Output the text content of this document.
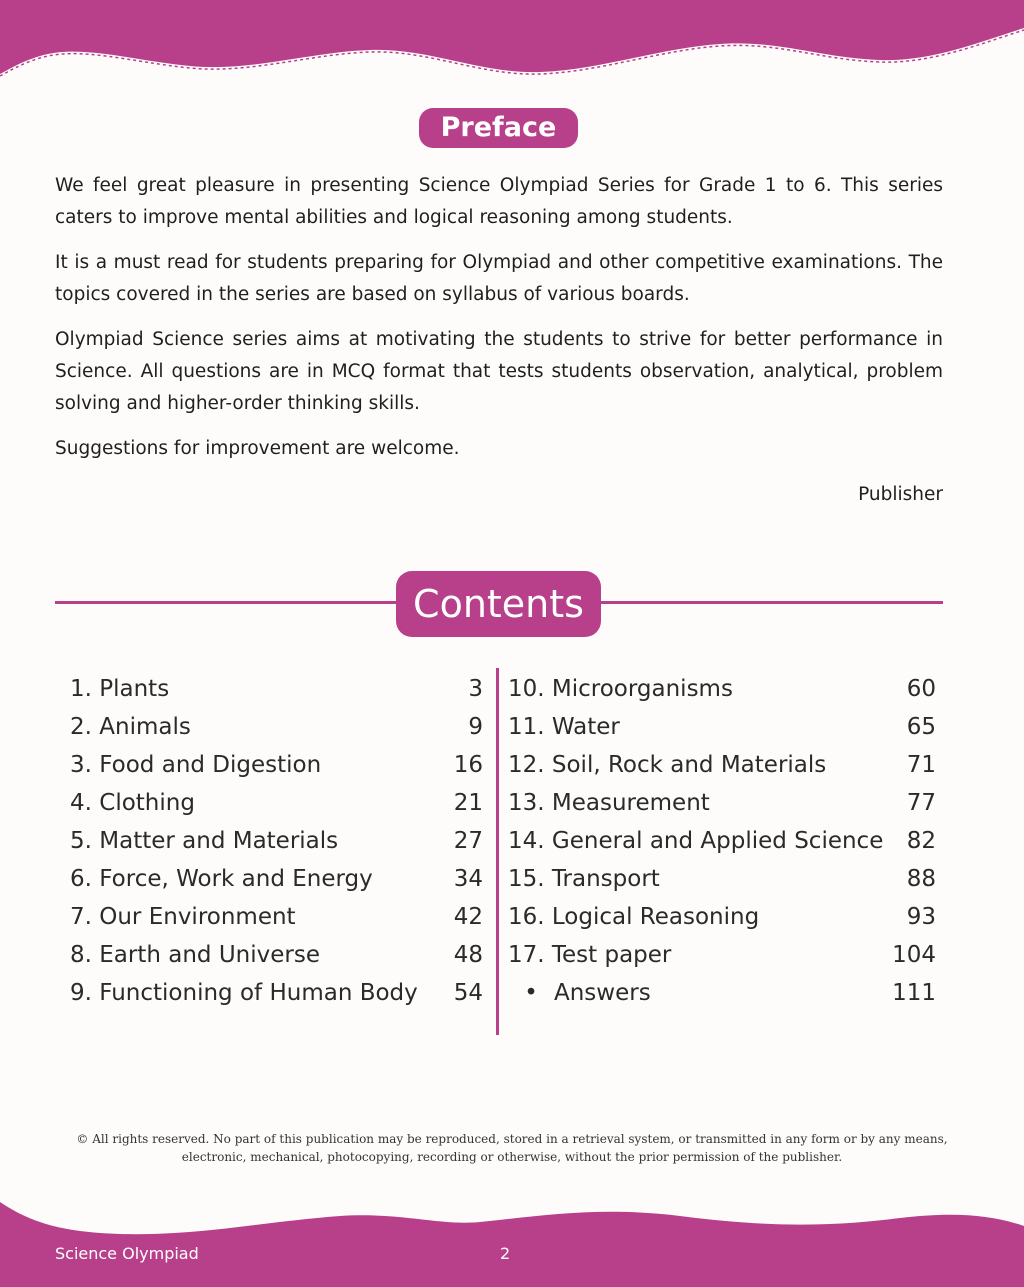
Preface

We feel great pleasure in presenting Science Olympiad Series for Grade 1 to 6. This series caters to improve mental abilities and logical reasoning among students.

It is a must read for students preparing for Olympiad and other competitive examinations. The topics covered in the series are based on syllabus of various boards.

Olympiad Science series aims at motivating the students to strive for better performance in Science. All questions are in MCQ format that tests students observation, analytical, problem solving and higher-order thinking skills.

Suggestions for improvement are welcome.

Publisher

Contents
1. Plants	3
2. Animals	9
3. Food and Digestion	16
4. Clothing	21
5. Matter and Materials	27
6. Force, Work and Energy	34
7. Our Environment	42
8. Earth and Universe	48
9. Functioning of Human Body 54
10. Microorganisms	60
11. Water	65
12. Soil, Rock and Materials	71
13. Measurement	77
14. General and Applied Science 82
15. Transport	88
16. Logical Reasoning	93
17. Test paper	104
• Answers	111
© All rights reserved. No part of this publication may be reproduced, stored in a retrieval system, or transmitted in any form or by any means,
electronic, mechanical, photocopying, recording or otherwise, without the prior permission of the publisher.
Science Olympiad	2
